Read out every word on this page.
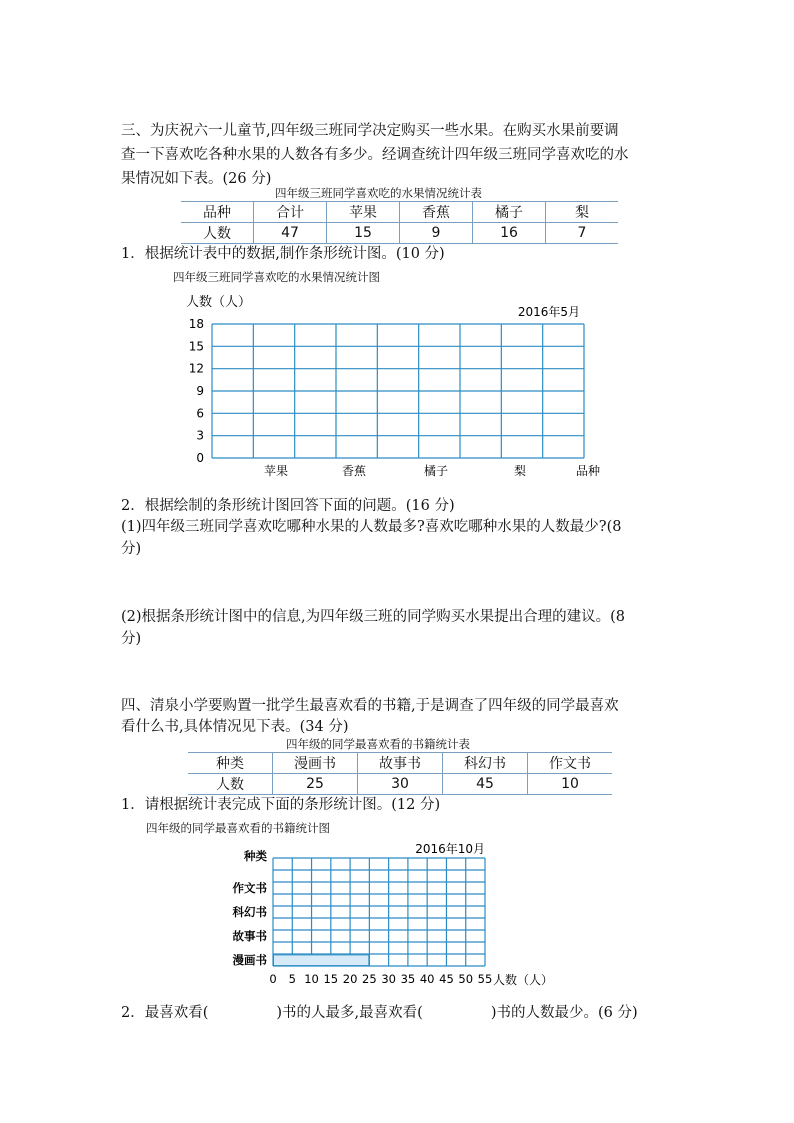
三、为庆祝六一儿童节,四年级三班同学决定购买一些水果。在购买水果前要调
查一下喜欢吃各种水果的人数各有多少。经调查统计四年级三班同学喜欢吃的水
果情况如下表。(26 分)
四年级三班同学喜欢吃的水果情况统计表
品种	合计	苹果	香蕉	橘子	梨
人数	47	15	9	16	7
1．根据统计表中的数据,制作条形统计图。(10 分)
四年级三班同学喜欢吃的水果情况统计图
0
3
6
9
12
15
18
苹果	香蕉	橘子	梨
人数（人）
品种
2016年5月
2．根据绘制的条形统计图回答下面的问题。(16 分)
(1)四年级三班同学喜欢吃哪种水果的人数最多?喜欢吃哪种水果的人数最少?(8
分)
(2)根据条形统计图中的信息,为四年级三班的同学购买水果提出合理的建议。(8
分)
四、清泉小学要购置一批学生最喜欢看的书籍,于是调查了四年级的同学最喜欢
看什么书,具体情况见下表。(34 分)
四年级的同学最喜欢看的书籍统计表
种类	漫画书	故事书	科幻书	作文书
人数	25	30	45	10
1．请根据统计表完成下面的条形统计图。(12 分)
四年级的同学最喜欢看的书籍统计图
0 5 10 15 20 25 30 35 40 45 50 55
漫画书
故事书
科幻书
作文书
种类
人数（人）
2016年10月
2．最喜欢看(	)书的人最多,最喜欢看(	)书的人数最少。(6 分)
